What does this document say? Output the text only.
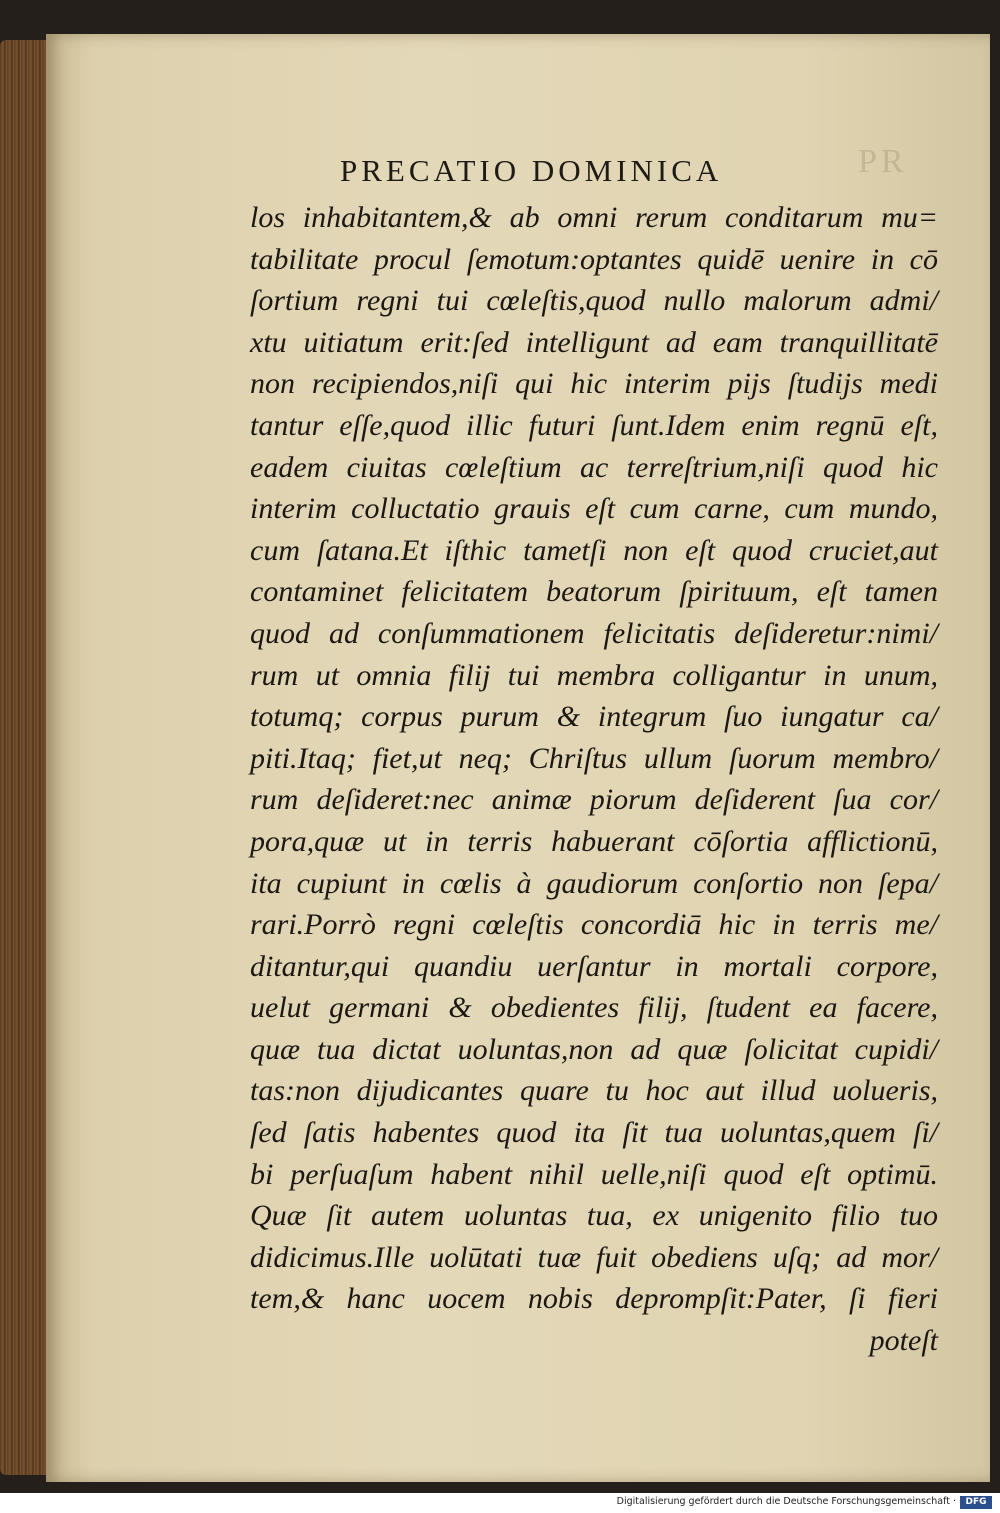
PR
PRECATIO DOMINICA
los inhabitantem,& ab omni rerum conditarum mu=
tabilitate procul ſemotum:optantes quidē uenire in cō
ſortium regni tui cœleſtis,quod nullo malorum admi/
xtu uitiatum erit:ſed intelligunt ad eam tranquillitatē
non recipiendos,niſi qui hic interim pijs ſtudijs medi
tantur eſſe,quod illic futuri ſunt.Idem enim regnū eſt,
eadem ciuitas cœleſtium ac terreſtrium,niſi quod hic
interim colluctatio grauis eſt cum carne, cum mundo,
cum ſatana.Et iſthic tametſi non eſt quod cruciet,aut
contaminet felicitatem beatorum ſpirituum, eſt tamen
quod ad conſummationem felicitatis deſideretur:nimi/
rum ut omnia filij tui membra colligantur in unum,
totumq; corpus purum & integrum ſuo iungatur ca/
piti.Itaq; fiet,ut neq; Chriſtus ullum ſuorum membro/
rum deſideret:nec animæ piorum deſiderent ſua cor/
pora,quæ ut in terris habuerant cōſortia afflictionū,
ita cupiunt in cœlis à gaudiorum conſortio non ſepa/
rari.Porrò regni cœleſtis concordiā hic in terris me/
ditantur,qui quandiu uerſantur in mortali corpore,
uelut germani & obedientes filij, ſtudent ea facere,
quæ tua dictat uoluntas,non ad quæ ſolicitat cupidi/
tas:non dijudicantes quare tu hoc aut illud uolueris,
ſed ſatis habentes quod ita ſit tua uoluntas,quem ſi/
bi perſuaſum habent nihil uelle,niſi quod eſt optimū.
Quæ ſit autem uoluntas tua, ex unigenito filio tuo
didicimus.Ille uolūtati tuæ fuit obediens uſq; ad mor/
tem,& hanc uocem nobis deprompſit:Pater, ſi fieri
poteſt
Digitalisierung gefördert durch die Deutsche Forschungsgemeinschaft ·	DFG
